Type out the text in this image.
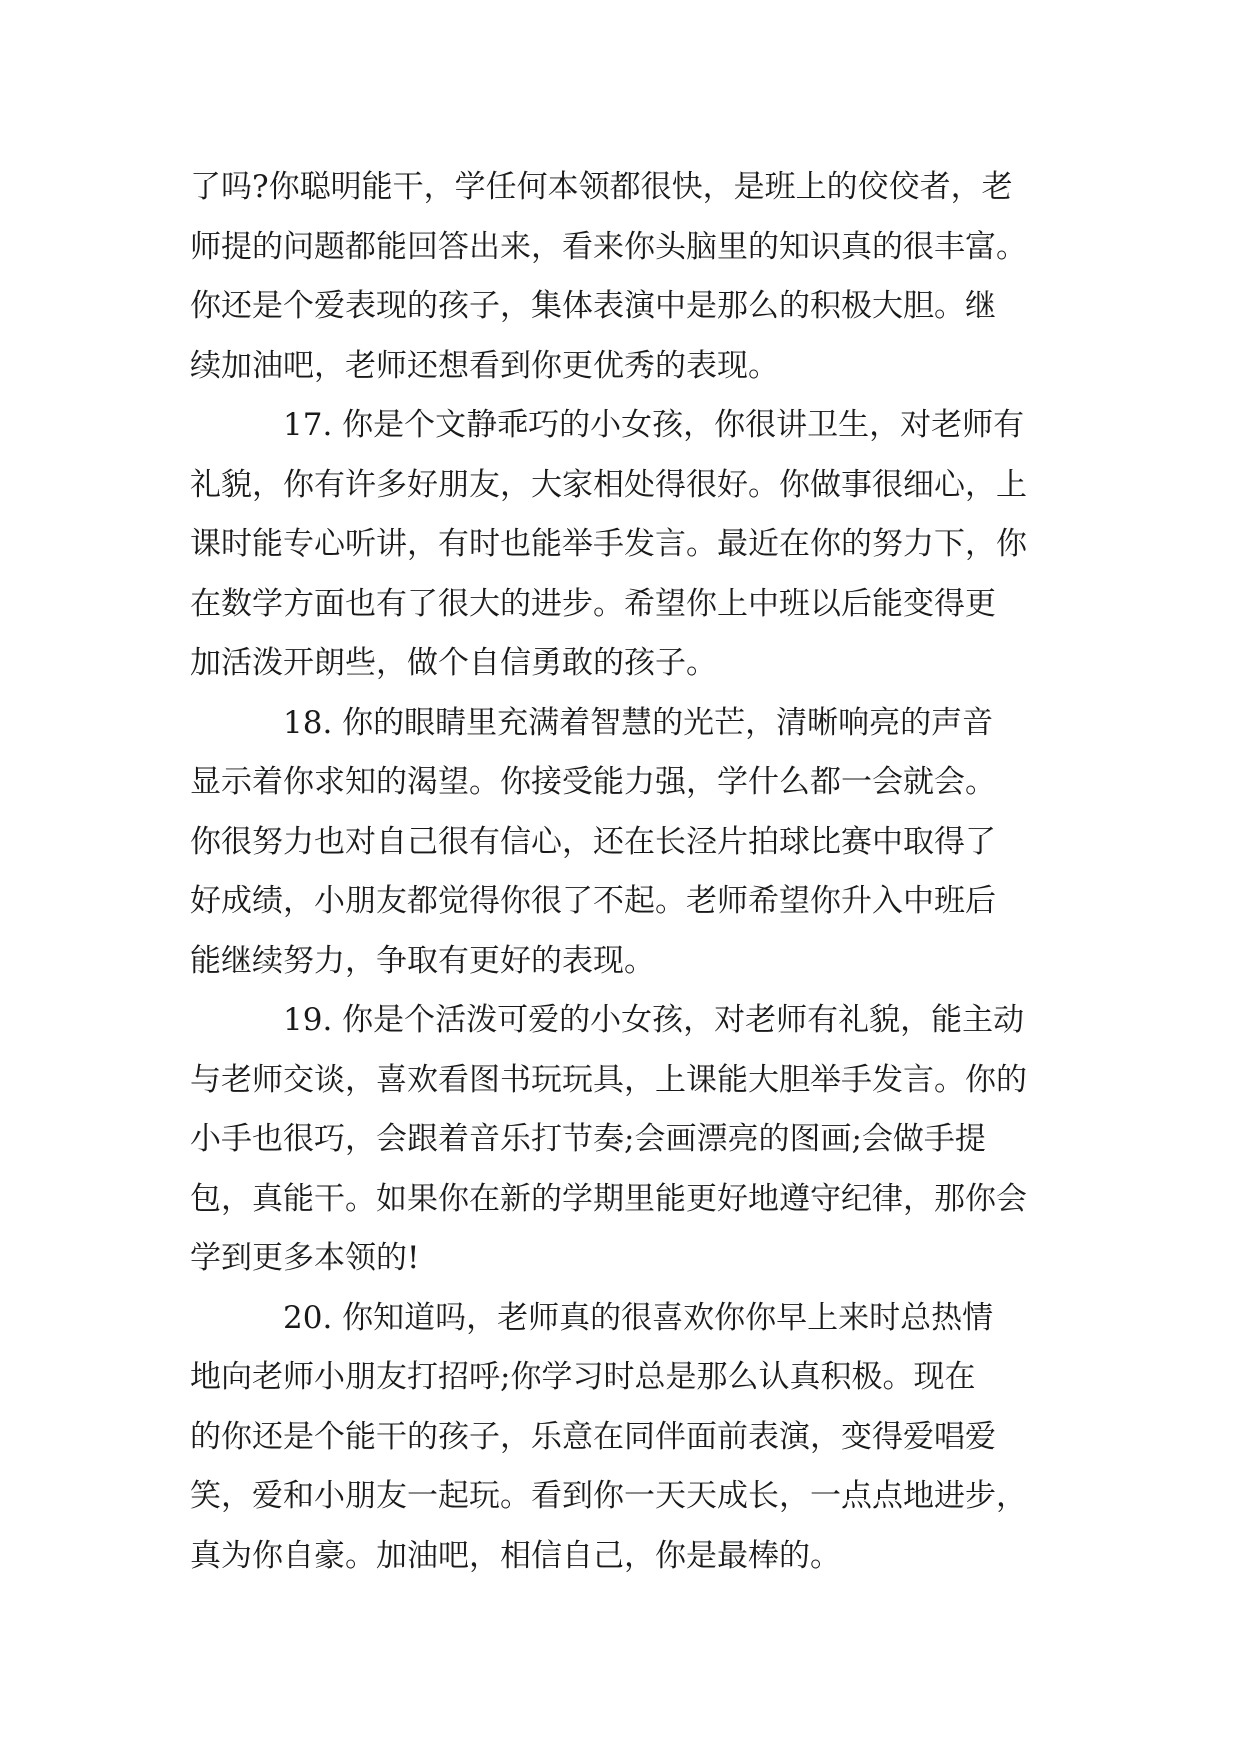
了吗?你聪明能干，学任何本领都很快，是班上的佼佼者，老
师提的问题都能回答出来，看来你头脑里的知识真的很丰富。
你还是个爱表现的孩子，集体表演中是那么的积极大胆。继
续加油吧，老师还想看到你更优秀的表现。
17. 你是个文静乖巧的小女孩，你很讲卫生，对老师有
礼貌，你有许多好朋友，大家相处得很好。你做事很细心，上
课时能专心听讲，有时也能举手发言。最近在你的努力下，你
在数学方面也有了很大的进步。希望你上中班以后能变得更
加活泼开朗些，做个自信勇敢的孩子。
18. 你的眼睛里充满着智慧的光芒，清晰响亮的声音
显示着你求知的渴望。你接受能力强，学什么都一会就会。
你很努力也对自己很有信心，还在长泾片拍球比赛中取得了
好成绩，小朋友都觉得你很了不起。老师希望你升入中班后
能继续努力，争取有更好的表现。
19. 你是个活泼可爱的小女孩，对老师有礼貌，能主动
与老师交谈，喜欢看图书玩玩具，上课能大胆举手发言。你的
小手也很巧，会跟着音乐打节奏;会画漂亮的图画;会做手提
包，真能干。如果你在新的学期里能更好地遵守纪律，那你会
学到更多本领的!
20. 你知道吗，老师真的很喜欢你你早上来时总热情
地向老师小朋友打招呼;你学习时总是那么认真积极。现在
的你还是个能干的孩子，乐意在同伴面前表演，变得爱唱爱
笑，爱和小朋友一起玩。看到你一天天成长，一点点地进步，
真为你自豪。加油吧，相信自己，你是最棒的。
